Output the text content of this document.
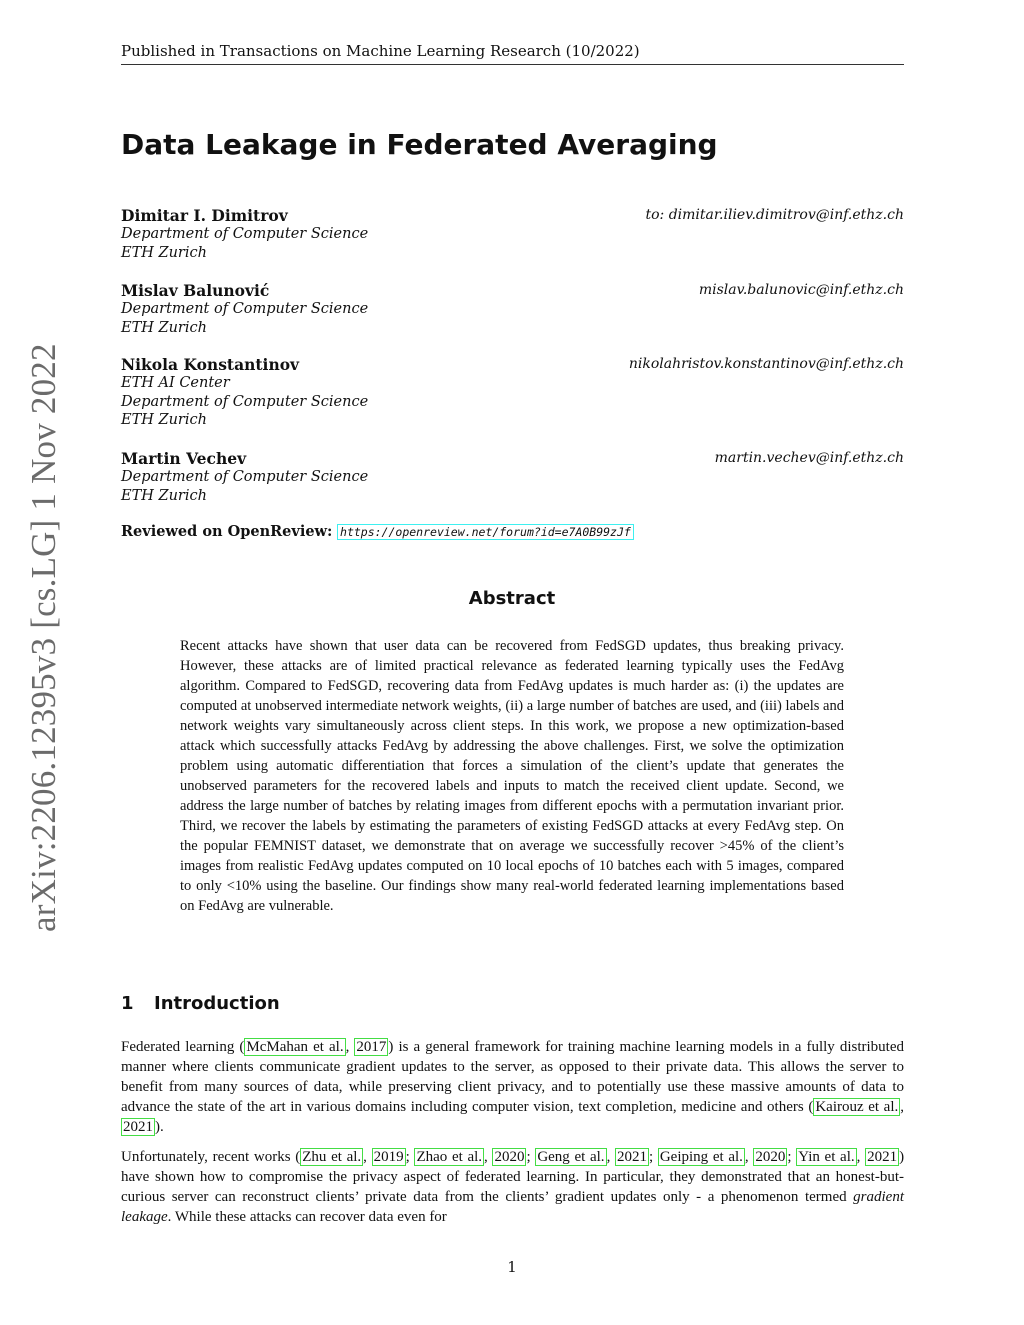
Published in Transactions on Machine Learning Research (10/2022)
arXiv:2206.12395v3 [cs.LG] 1 Nov 2022
Data Leakage in Federated Averaging
Dimitar I. Dimitrov
Department of Computer Science
ETH Zurich
to: dimitar.iliev.dimitrov@inf.ethz.ch
Mislav Balunović
Department of Computer Science
ETH Zurich
mislav.balunovic@inf.ethz.ch
Nikola Konstantinov
ETH AI Center
Department of Computer Science
ETH Zurich
nikolahristov.konstantinov@inf.ethz.ch
Martin Vechev
Department of Computer Science
ETH Zurich
martin.vechev@inf.ethz.ch
Reviewed on OpenReview: https://openreview.net/forum?id=e7A0B99zJf
Abstract

Recent attacks have shown that user data can be recovered from FedSGD updates, thus breaking privacy. However, these attacks are of limited practical relevance as federated learning typically uses the FedAvg algorithm. Compared to FedSGD, recovering data from FedAvg updates is much harder as: (i) the updates are computed at unobserved intermediate network weights, (ii) a large number of batches are used, and (iii) labels and network weights vary simultaneously across client steps. In this work, we propose a new optimization-based attack which successfully attacks FedAvg by addressing the above challenges. First, we solve the optimization problem using automatic differentiation that forces a simulation of the client’s update that generates the unobserved parameters for the recovered labels and inputs to match the received client update. Second, we address the large number of batches by relating images from different epochs with a permutation invariant prior. Third, we recover the labels by estimating the parameters of existing FedSGD attacks at every FedAvg step. On the popular FEMNIST dataset, we demonstrate that on average we successfully recover >45% of the client’s images from realistic FedAvg updates computed on 10 local epochs of 10 batches each with 5 images, compared to only <10% using the baseline. Our findings show many real-world federated learning implementations based on FedAvg are vulnerable.

1 Introduction

Federated learning ( McMahan et al. , 2017 ) is a general framework for training machine learning models in a fully distributed manner where clients communicate gradient updates to the server, as opposed to their private data. This allows the server to benefit from many sources of data, while preserving client privacy, and to potentially use these massive amounts of data to advance the state of the art in various domains including computer vision, text completion, medicine and others ( Kairouz et al. , 2021 ).

Unfortunately, recent works ( Zhu et al. , 2019 ; Zhao et al. , 2020 ; Geng et al. , 2021 ; Geiping et al. , 2020 ; Yin et al. , 2021 ) have shown how to compromise the privacy aspect of federated learning. In particular, they demonstrated that an honest-but-curious server can reconstruct clients’ private data from the clients’ gradient updates only - a phenomenon termed gradient leakage. While these attacks can recover data even for

1
